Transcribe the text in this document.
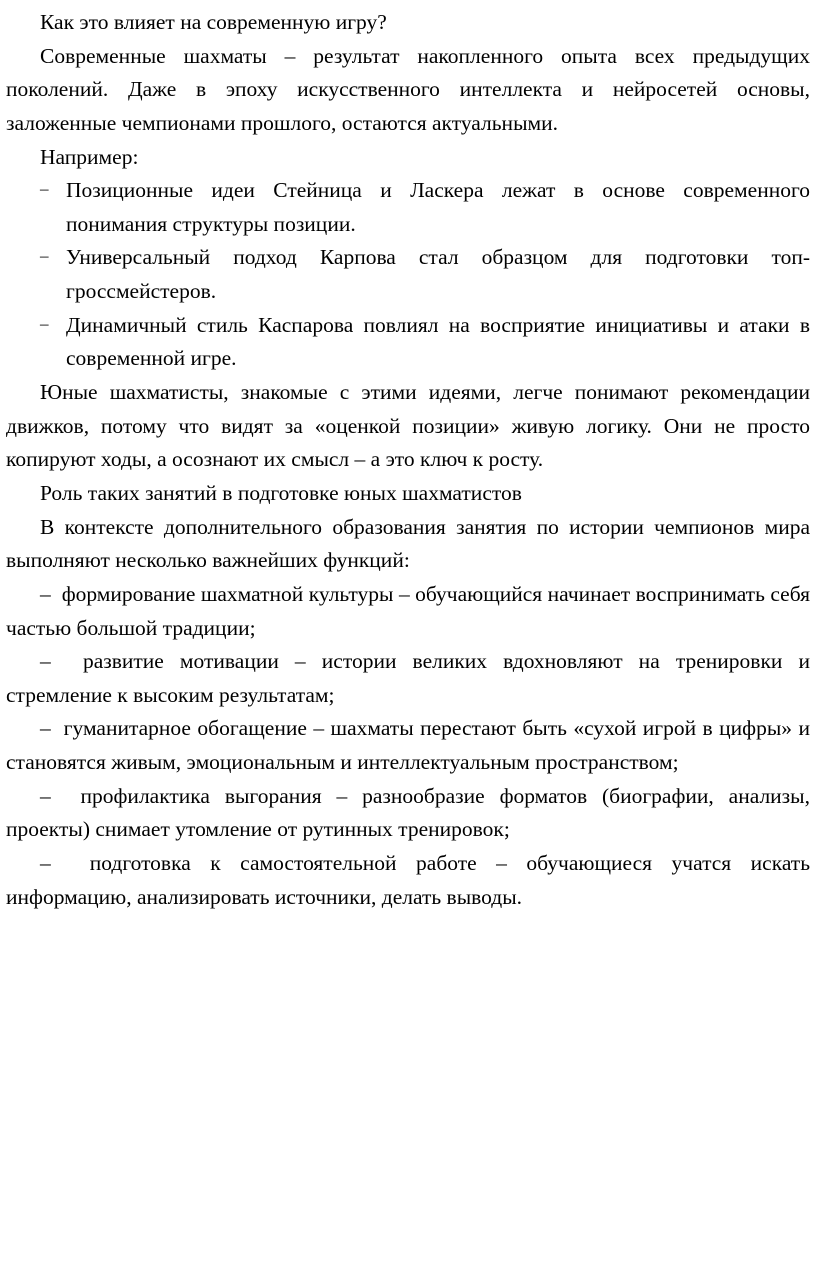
Как это влияет на современную игру?

Современные шахматы – результат накопленного опыта всех предыдущих поколений. Даже в эпоху искусственного интеллекта и нейросетей основы, заложенные чемпионами прошлого, остаются актуальными.

Например:

– Позиционные идеи Стейница и Ласкера лежат в основе современного понимания структуры позиции.
– Универсальный подход Карпова стал образцом для подготовки топ-гроссмейстеров.
– Динамичный стиль Каспарова повлиял на восприятие инициативы и атаки в современной игре.

Юные шахматисты, знакомые с этими идеями, легче понимают рекомендации движков, потому что видят за «оценкой позиции» живую логику. Они не просто копируют ходы, а осознают их смысл – а это ключ к росту.

Роль таких занятий в подготовке юных шахматистов

В контексте дополнительного образования занятия по истории чемпионов мира выполняют несколько важнейших функций:

– формирование шахматной культуры – обучающийся начинает воспринимать себя частью большой традиции;
– развитие мотивации – истории великих вдохновляют на тренировки и стремление к высоким результатам;
– гуманитарное обогащение – шахматы перестают быть «сухой игрой в цифры» и становятся живым, эмоциональным и интеллектуальным пространством;
– профилактика выгорания – разнообразие форматов (биографии, анализы, проекты) снимает утомление от рутинных тренировок;
– подготовка к самостоятельной работе – обучающиеся учатся искать информацию, анализировать источники, делать выводы.
